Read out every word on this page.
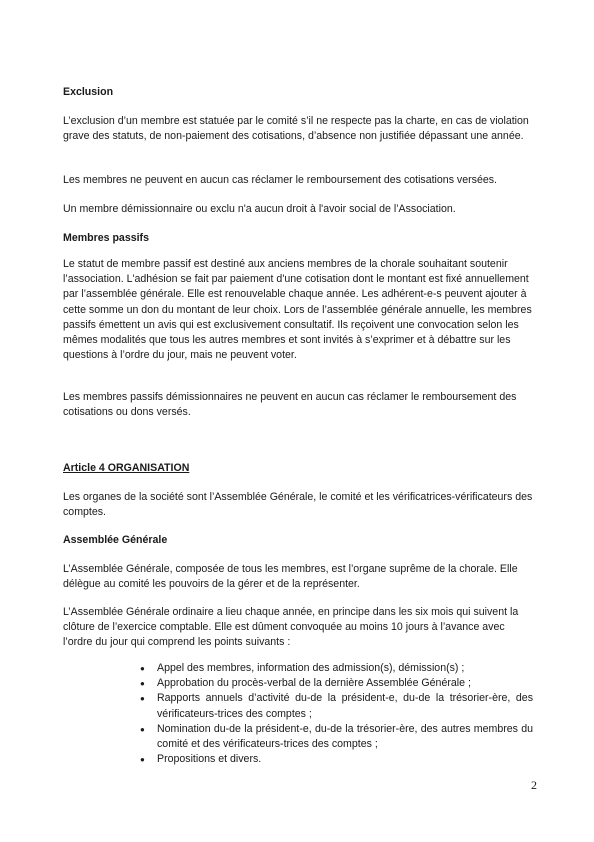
Exclusion

L’exclusion d’un membre est statuée par le comité s’il ne respecte pas la charte, en cas de violation grave des statuts, de non-paiement des cotisations, d’absence non justifiée dépassant une année.

Les membres ne peuvent en aucun cas réclamer le remboursement des cotisations versées.

Un membre démissionnaire ou exclu n'a aucun droit à l'avoir social de l’Association.

Membres passifs

Le statut de membre passif est destiné aux anciens membres de la chorale souhaitant soutenir l’association. L'adhésion se fait par paiement d'une cotisation dont le montant est fixé annuellement par l’assemblée générale. Elle est renouvelable chaque année. Les adhérent-e-s peuvent ajouter à cette somme un don du montant de leur choix. Lors de l’assemblée générale annuelle, les membres passifs émettent un avis qui est exclusivement consultatif. Ils reçoivent une convocation selon les mêmes modalités que tous les autres membres et sont invités à s’exprimer et à débattre sur les questions à l’ordre du jour, mais ne peuvent voter.

Les membres passifs démissionnaires ne peuvent en aucun cas réclamer le remboursement des cotisations ou dons versés.

Article 4 ORGANISATION

Les organes de la société sont l’Assemblée Générale, le comité et les vérificatrices-vérificateurs des comptes.

Assemblée Générale

L’Assemblée Générale, composée de tous les membres, est l’organe suprême de la chorale. Elle délègue au comité les pouvoirs de la gérer et de la représenter.

L’Assemblée Générale ordinaire a lieu chaque année, en principe dans les six mois qui suivent la clôture de l’exercice comptable. Elle est dûment convoquée au moins 10 jours à l’avance avec l’ordre du jour qui comprend les points suivants :

● Appel des membres, information des admission(s), démission(s) ;
● Approbation du procès-verbal de la dernière Assemblée Générale ;
● Rapports annuels d’activité du-de la président-e, du-de la trésorier-ère, des vérificateurs-trices des comptes ;
● Nomination du-de la président-e, du-de la trésorier-ère, des autres membres du comité et des vérificateurs-trices des comptes ;
● Propositions et divers.
2
